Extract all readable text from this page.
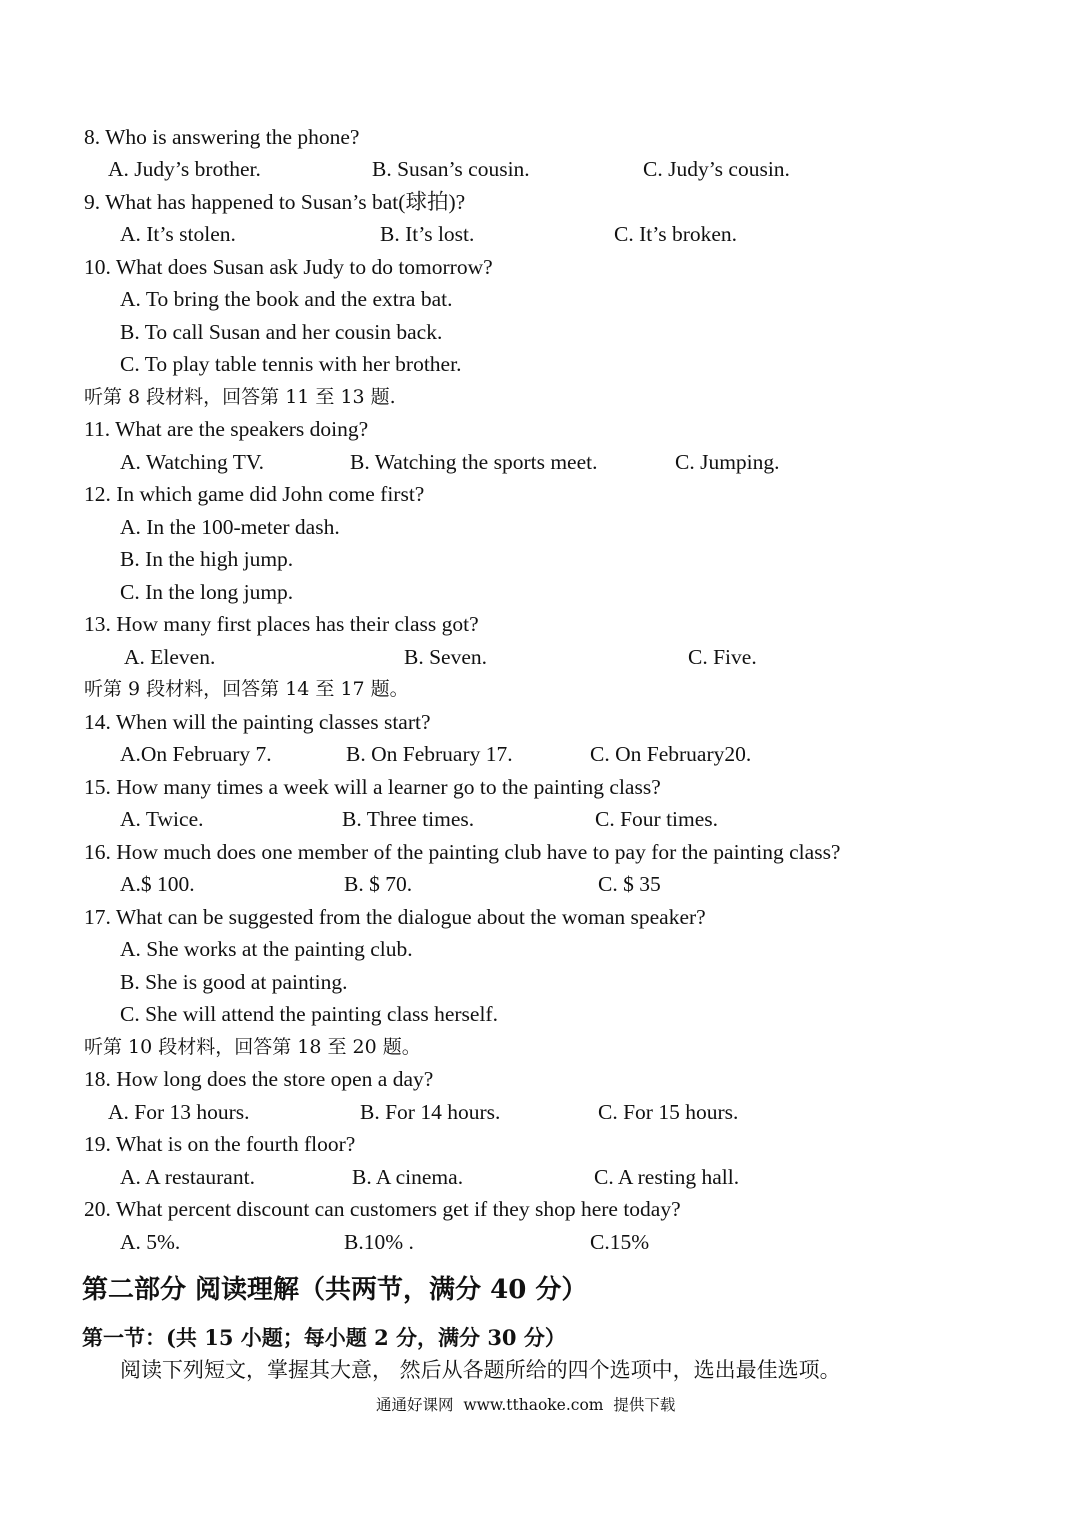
8. Who is answering the phone?
A. Judy’s brother.	B. Susan’s cousin.	C. Judy’s cousin.
9. What has happened to Susan’s bat(球拍)?
A. It’s stolen.	B. It’s lost.	C. It’s broken.
10. What does Susan ask Judy to do tomorrow?
A. To bring the book and the extra bat.
B. To call Susan and her cousin back.
C. To play table tennis with her brother.
听第 8 段材料，回答第 11 至 13 题.
11. What are the speakers doing?
A. Watching TV.	B. Watching the sports meet.	C. Jumping.
12. In which game did John come first?
A. In the 100-meter dash.
B. In the high jump.
C. In the long jump.
13. How many first places has their class got?
A. Eleven.	B. Seven.	C. Five.
听第 9 段材料，回答第 14 至 17 题。
14. When will the painting classes start?
A.On February 7.	B. On February 17.	C. On February20.
15. How many times a week will a learner go to the painting class?
A. Twice.	B. Three times.	C. Four times.
16. How much does one member of the painting club have to pay for the painting class?
A.$ 100.	B. $ 70.	C. $ 35
17. What can be suggested from the dialogue about the woman speaker?
A. She works at the painting club.
B. She is good at painting.
C. She will attend the painting class herself.
听第 10 段材料，回答第 18 至 20 题。
18. How long does the store open a day?
A. For 13 hours.	B. For 14 hours.	C. For 15 hours.
19. What is on the fourth floor?
A. A restaurant.	B. A cinema.	C. A resting hall.
20. What percent discount can customers get if they shop here today?
A. 5%.	B.10% .	C.15%
第二部分 阅读理解（共两节，满分 40 分）
第一节：(共 15 小题；每小题 2 分，满分 30 分）
阅读下列短文，掌握其大意， 然后从各题所给的四个选项中，选出最佳选项。
通通好课网 www.tthaoke.com 提供下载
